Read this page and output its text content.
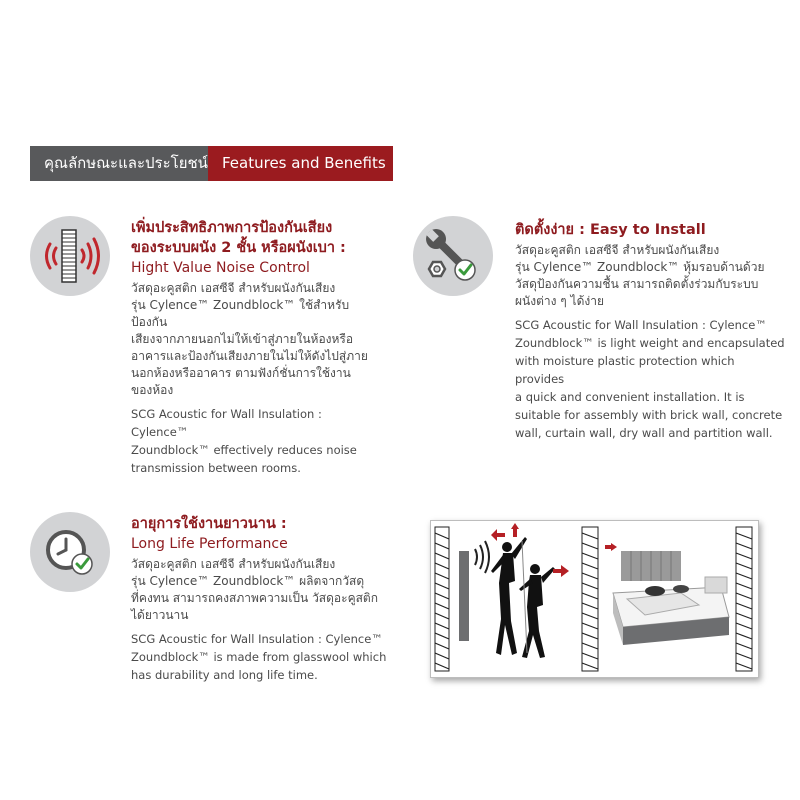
คุณลักษณะและประโยชน์ Features and Benefits
เพิ่มประสิทธิภาพการป้องกันเสียง
ของระบบผนัง 2 ชั้น หรือผนังเบา :
Hight Value Noise Control
วัสดุอะคูสติก เอสซีจี สำหรับผนังกันเสียง
รุ่น Cylence™ Zoundblock™ ใช้สำหรับป้องกัน
เสียงจากภายนอกไม่ให้เข้าสู่ภายในห้องหรือ
อาคารและป้องกันเสียงภายในไม่ให้ดังไปสู่ภาย
นอกห้องหรืออาคาร ตามฟังก์ชั่นการใช้งาน
ของห้อง
SCG Acoustic for Wall Insulation : Cylence™
Zoundblock™ effectively reduces noise
transmission between rooms.
ติดตั้งง่าย : Easy to Install
วัสดุอะคูสติก เอสซีจี สำหรับผนังกันเสียง
รุ่น Cylence™ Zoundblock™ หุ้มรอบด้านด้วย
วัสดุป้องกันความชื้น สามารถติดตั้งร่วมกับระบบ
ผนังต่าง ๆ ได้ง่าย
SCG Acoustic for Wall Insulation : Cylence™
Zoundblock™ is light weight and encapsulated
with moisture plastic protection which provides
a quick and convenient installation. It is
suitable for assembly with brick wall, concrete
wall, curtain wall, dry wall and partition wall.
อายุการใช้งานยาวนาน :
Long Life Performance
วัสดุอะคูสติก เอสซีจี สำหรับผนังกันเสียง
รุ่น Cylence™ Zoundblock™ ผลิตจากวัสดุ
ที่คงทน สามารถคงสภาพความเป็น วัสดุอะคูสติก
ได้ยาวนาน
SCG Acoustic for Wall Insulation : Cylence™
Zoundblock™ is made from glasswool which
has durability and long life time.
